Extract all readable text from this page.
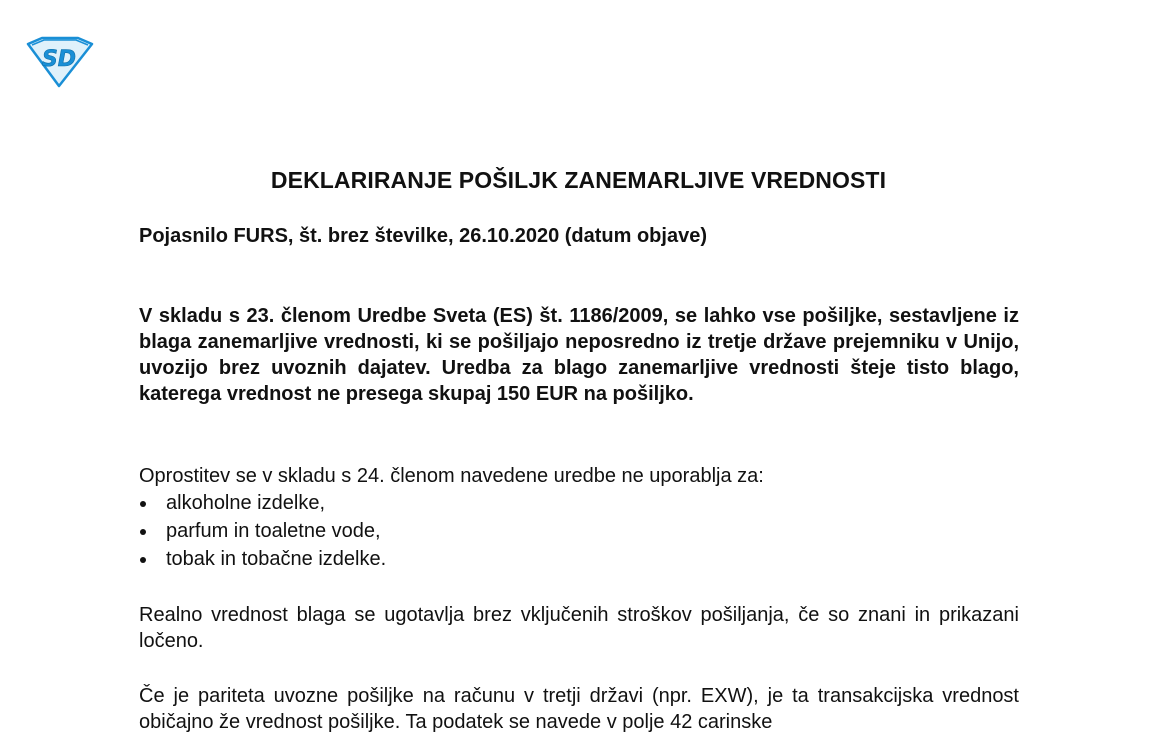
SD
DEKLARIRANJE POŠILJK ZANEMARLJIVE VREDNOSTI
Pojasnilo FURS, št. brez številke, 26.10.2020 (datum objave)
V skladu s 23. členom Uredbe Sveta (ES) št. 1186/2009, se lahko vse pošiljke, sestavljene iz blaga zanemarljive vrednosti, ki se pošiljajo neposredno iz tretje države prejemniku v Unijo, uvozijo brez uvoznih dajatev. Uredba za blago zanemarljive vrednosti šteje tisto blago, katerega vrednost ne presega skupaj 150 EUR na pošiljko.
Oprostitev se v skladu s 24. členom navedene uredbe ne uporablja za:
alkoholne izdelke,
parfum in toaletne vode,
tobak in tobačne izdelke.
Realno vrednost blaga se ugotavlja brez vključenih stroškov pošiljanja, če so znani in prikazani ločeno.
Če je pariteta uvozne pošiljke na računu v tretji državi (npr. EXW), je ta transakcijska vrednost običajno že vrednost pošiljke. Ta podatek se navede v polje 42 carinske
